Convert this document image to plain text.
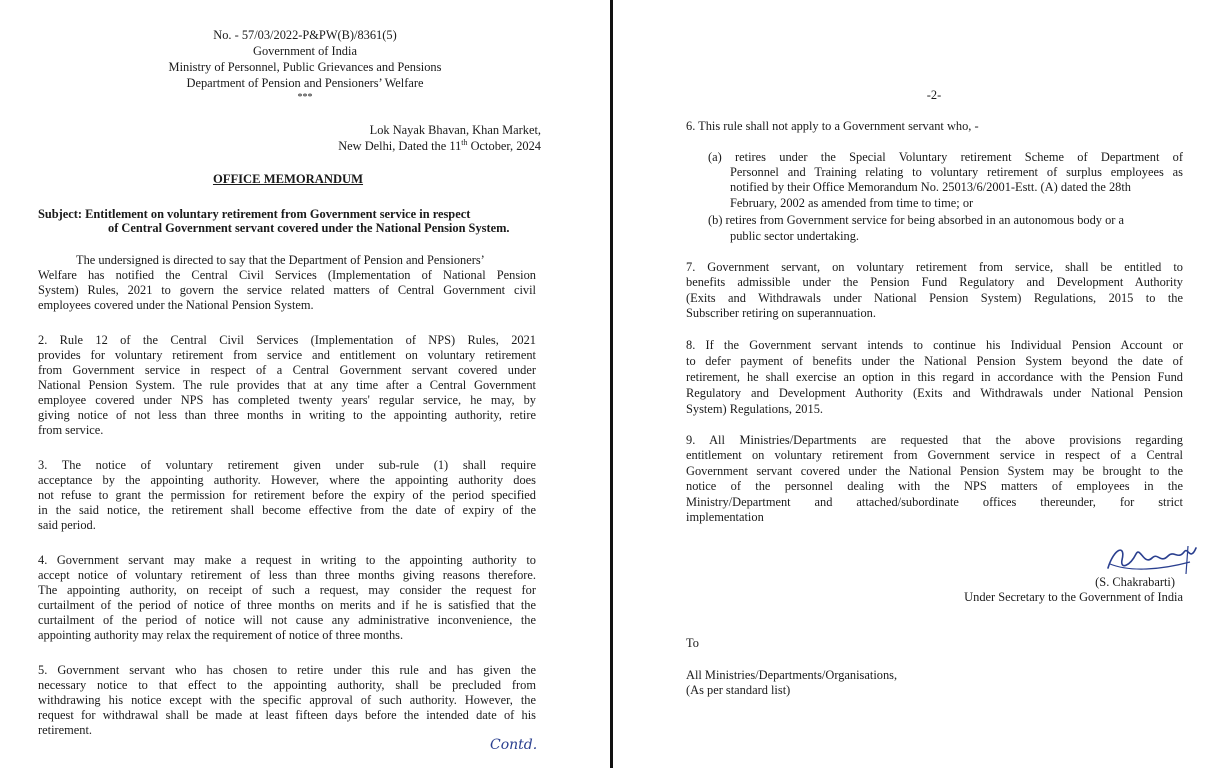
No. - 57/03/2022-P&PW(B)/8361(5)
Government of India
Ministry of Personnel, Public Grievances and Pensions
Department of Pension and Pensioners’ Welfare
***
Lok Nayak Bhavan, Khan Market,
New Delhi, Dated the 11th October, 2024
OFFICE MEMORANDUM
Subject: Entitlement on voluntary retirement from Government service in respect
of Central Government servant covered under the National Pension System.
The undersigned is directed to say that the Department of Pension and Pensioners’
Welfare has notified the Central Civil Services (Implementation of National Pension
System) Rules, 2021 to govern the service related matters of Central Government civil
employees covered under the National Pension System.
2. Rule 12 of the Central Civil Services (Implementation of NPS) Rules, 2021
provides for voluntary retirement from service and entitlement on voluntary retirement
from Government service in respect of a Central Government servant covered under
National Pension System. The rule provides that at any time after a Central Government
employee covered under NPS has completed twenty years' regular service, he may, by
giving notice of not less than three months in writing to the appointing authority, retire
from service.
3. The notice of voluntary retirement given under sub-rule (1) shall require
acceptance by the appointing authority. However, where the appointing authority does
not refuse to grant the permission for retirement before the expiry of the period specified
in the said notice, the retirement shall become effective from the date of expiry of the
said period.
4. Government servant may make a request in writing to the appointing authority to
accept notice of voluntary retirement of less than three months giving reasons therefore.
The appointing authority, on receipt of such a request, may consider the request for
curtailment of the period of notice of three months on merits and if he is satisfied that the
curtailment of the period of notice will not cause any administrative inconvenience, the
appointing authority may relax the requirement of notice of three months.
5. Government servant who has chosen to retire under this rule and has given the
necessary notice to that effect to the appointing authority, shall be precluded from
withdrawing his notice except with the specific approval of such authority. However, the
request for withdrawal shall be made at least fifteen days before the intended date of his
retirement.
Contd.
-2-
6. This rule shall not apply to a Government servant who, -
(a) retires under the Special Voluntary retirement Scheme of Department of
Personnel and Training relating to voluntary retirement of surplus employees as
notified by their Office Memorandum No. 25013/6/2001-Estt. (A) dated the 28th
February, 2002 as amended from time to time; or
(b) retires from Government service for being absorbed in an autonomous body or a
public sector undertaking.
7. Government servant, on voluntary retirement from service, shall be entitled to
benefits admissible under the Pension Fund Regulatory and Development Authority
(Exits and Withdrawals under National Pension System) Regulations, 2015 to the
Subscriber retiring on superannuation.
8. If the Government servant intends to continue his Individual Pension Account or
to defer payment of benefits under the National Pension System beyond the date of
retirement, he shall exercise an option in this regard in accordance with the Pension Fund
Regulatory and Development Authority (Exits and Withdrawals under National Pension
System) Regulations, 2015.
9. All Ministries/Departments are requested that the above provisions regarding
entitlement on voluntary retirement from Government service in respect of a Central
Government servant covered under the National Pension System may be brought to the
notice of the personnel dealing with the NPS matters of employees in the
Ministry/Department and attached/subordinate offices thereunder, for strict
implementation
(S. Chakrabarti)
Under Secretary to the Government of India
To
All Ministries/Departments/Organisations,
(As per standard list)
